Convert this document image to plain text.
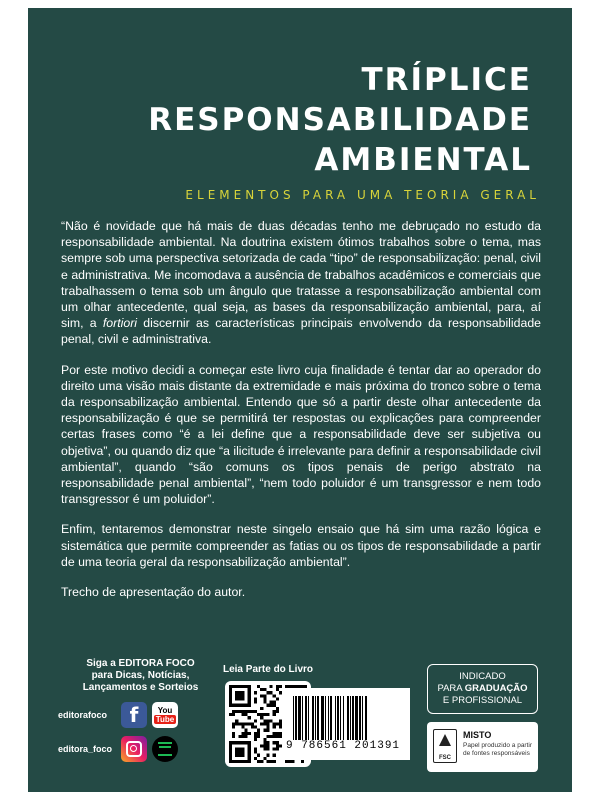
TRÍPLICE
RESPONSABILIDADE
AMBIENTAL
ELEMENTOS PARA UMA TEORIA GERAL

“Não é novidade que há mais de duas décadas tenho me debruçado no estudo da responsabilidade ambiental. Na doutrina existem ótimos trabalhos sobre o tema, mas sempre sob uma perspectiva setorizada de cada “tipo” de responsabilização: penal, civil e administrativa. Me incomodava a ausência de trabalhos acadêmicos e comerciais que trabalhassem o tema sob um ângulo que tratasse a responsabilização ambiental com um olhar antecedente, qual seja, as bases da responsabilização ambiental, para, aí sim, a fortiori discernir as características principais envolvendo da responsabilidade penal, civil e administrativa.

Por este motivo decidi a começar este livro cuja finalidade é tentar dar ao operador do direito uma visão mais distante da extremidade e mais próxima do tronco sobre o tema da responsabilização ambiental. Entendo que só a partir deste olhar antecedente da responsabilização é que se permitirá ter respostas ou explicações para compreender certas frases como “é a lei define que a responsabilidade deve ser subjetiva ou objetiva”, ou quando diz que “a ilicitude é irrelevante para definir a responsabilidade civil ambiental”, quando “são comuns os tipos penais de perigo abstrato na responsabilidade penal ambiental”, “nem todo poluidor é um transgressor e nem todo transgressor é um poluidor”.

Enfim, tentaremos demonstrar neste singelo ensaio que há sim uma razão lógica e sistemática que permite compreender as fatias ou os tipos de responsabilidade a partir de uma teoria geral da responsabilização ambiental”.

Trecho de apresentação do autor.

Siga a EDITORA FOCO
para Dicas, Notícias,
Lançamentos e Sorteios
editorafoco	f	You
Tube
editora_foco
Leia Parte do Livro
INDICADO
PARA GRADUAÇÃO
E PROFISSIONAL
FSC
MISTO
Papel produzido a partir de fontes responsáveis
9 786561 201391
